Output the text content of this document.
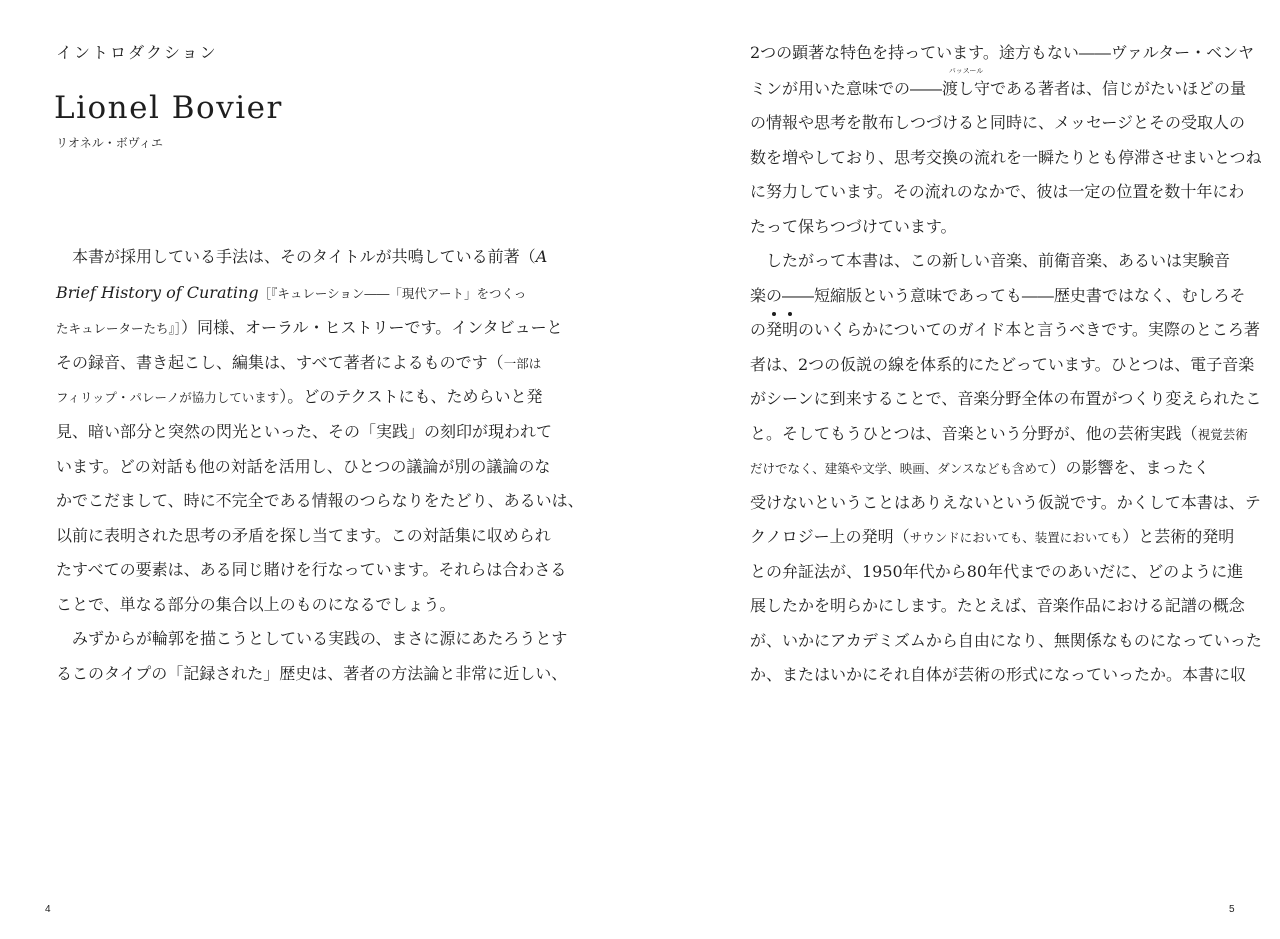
イントロダクション
Lionel Bovier

リオネル・ボヴィエ

本書が採用している手法は、そのタイトルが共鳴している前著（A

Brief History of Curating［『キュレーション――「現代アート」をつくっ

たキュレーターたち』］）同様、オーラル・ヒストリーです。インタビューと

その録音、書き起こし、編集は、すべて著者によるものです（一部は

フィリップ・パレーノが協力しています）。どのテクストにも、ためらいと発

見、暗い部分と突然の閃光といった、その「実践」の刻印が現われて

います。どの対話も他の対話を活用し、ひとつの議論が別の議論のな

かでこだまして、時に不完全である情報のつらなりをたどり、あるいは、

以前に表明された思考の矛盾を探し当てます。この対話集に収められ

たすべての要素は、ある同じ賭けを行なっています。それらは合わさる

ことで、単なる部分の集合以上のものになるでしょう。

みずからが輪郭を描こうとしている実践の、まさに源にあたろうとす

るこのタイプの「記録された」歴史は、著者の方法論と非常に近しい、

4

2つの顕著な特色を持っています。途方もない――ヴァルター・ベンヤ

ミンが用いた意味での――渡し守
パッスール
である著者は、信じがたいほどの量

の情報や思考を散布しつづけると同時に、メッセージとその受取人の

数を増やしており、思考交換の流れを一瞬たりとも停滞させまいとつね

に努力しています。その流れのなかで、彼は一定の位置を数十年にわ

たって保ちつづけています。

したがって本書は、この新しい音楽、前衛音楽、あるいは実験音

楽の――短縮版という意味であっても――歴史書ではなく、むしろそ

の発明のいくらかについてのガイド本と言うべきです。実際のところ著

者は、2つの仮説の線を体系的にたどっています。ひとつは、電子音楽

がシーンに到来することで、音楽分野全体の布置がつくり変えられたこ

と。そしてもうひとつは、音楽という分野が、他の芸術実践（視覚芸術

だけでなく、建築や文学、映画、ダンスなども含めて）の影響を、まったく

受けないということはありえないという仮説です。かくして本書は、テ

クノロジー上の発明（サウンドにおいても、装置においても）と芸術的発明

との弁証法が、1950年代から80年代までのあいだに、どのように進

展したかを明らかにします。たとえば、音楽作品における記譜の概念

が、いかにアカデミズムから自由になり、無関係なものになっていった

か、またはいかにそれ自体が芸術の形式になっていったか。本書に収

5
